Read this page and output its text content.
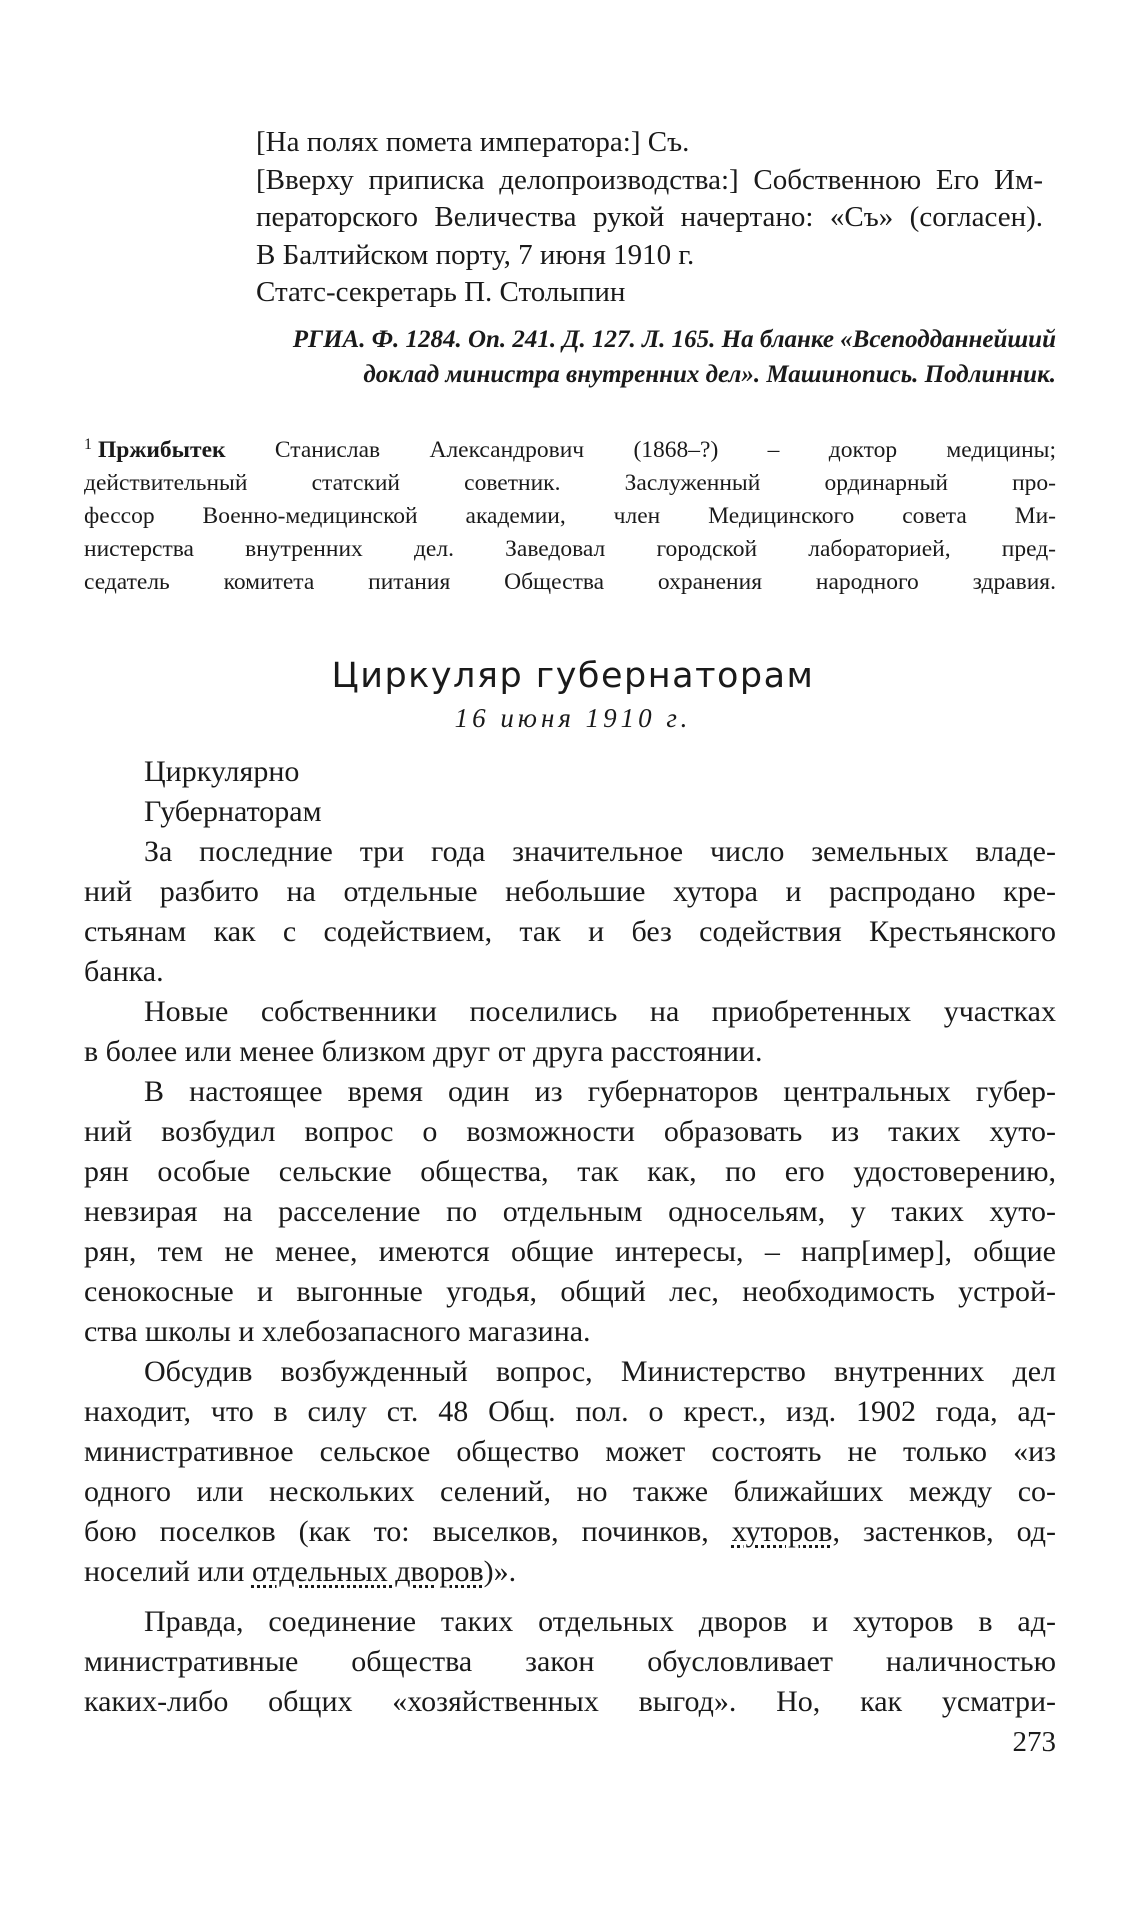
[На полях помета императора:] Съ.
[Вверху приписка делопроизводства:] Собственною Его Им-
ператорского Величества рукой начертано: «Съ» (согласен).
В Балтийском порту, 7 июня 1910 г.
Статс-секретарь П. Столыпин
РГИА. Ф. 1284. Оп. 241. Д. 127. Л. 165. На бланке «Всеподданнейший
доклад министра внутренних дел». Машинопись. Подлинник.
$^1$ Пржибытек Станислав Александрович (1868–?) – доктор медицины;
действительный статский советник. Заслуженный ординарный про-
фессор Военно-медицинской академии, член Медицинского совета Ми-
нистерства внутренних дел. Заведовал городской лабораторией, пред-
седатель комитета питания Общества охранения народного здравия.
Циркуляр губернаторам
16 июня 1910 г.
Циркулярно
Губернаторам
За последние три года значительное число земельных владе-
ний разбито на отдельные небольшие хутора и распродано кре-
стьянам как с содействием, так и без содействия Крестьянского
банка.
Новые собственники поселились на приобретенных участках
в более или менее близком друг от друга расстоянии.
В настоящее время один из губернаторов центральных губер-
ний возбудил вопрос о возможности образовать из таких хуто-
рян особые сельские общества, так как, по его удостоверению,
невзирая на расселение по отдельным односельям, у таких хуто-
рян, тем не менее, имеются общие интересы, – напр[имер], общие
сенокосные и выгонные угодья, общий лес, необходимость устрой-
ства школы и хлебозапасного магазина.
Обсудив возбужденный вопрос, Министерство внутренних дел
находит, что в силу ст. 48 Общ. пол. о крест., изд. 1902 года, ад-
министративное сельское общество может состоять не только «из
одного или нескольких селений, но также ближайших между со-
бою поселков (как то: выселков, починков, хуторов, застенков, од-
носелий или отдельных дворов)».
Правда, соединение таких отдельных дворов и хуторов в ад-
министративные общества закон обусловливает наличностью
каких-либо общих «хозяйственных выгод». Но, как усматри-
273
